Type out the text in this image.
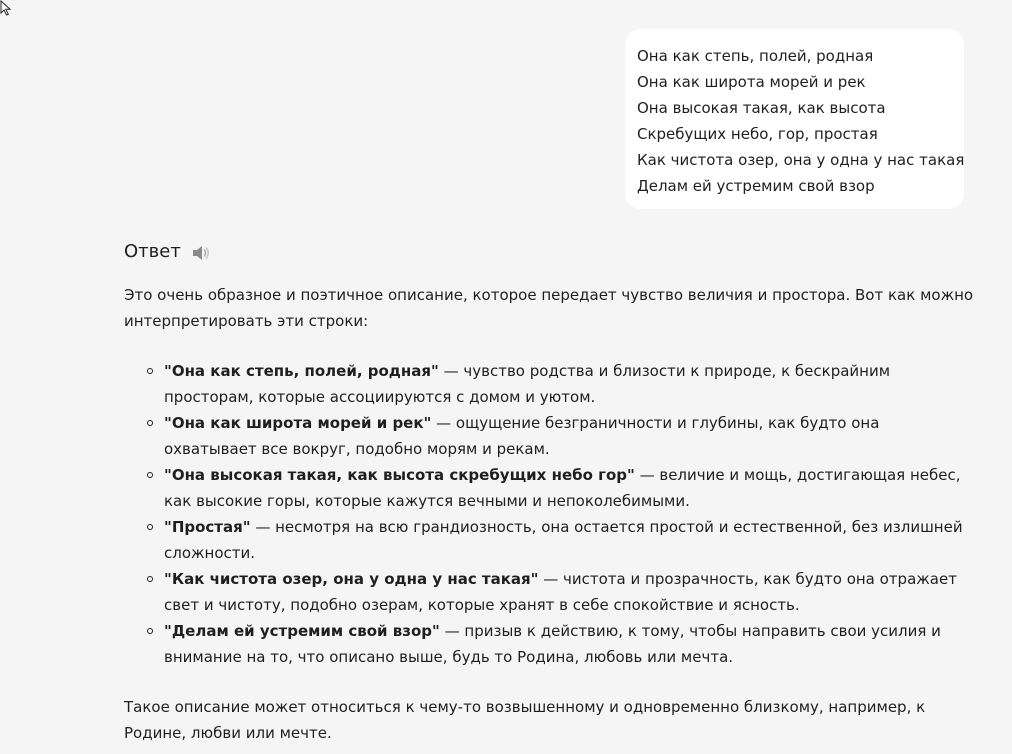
Она как степь, полей, родная
Она как широта морей и рек
Она высокая такая, как высота
Скребущих небо, гор, простая
Как чистота озер, она у одна у нас такая
Делам ей устремим свой взор
Ответ

Это очень образное и поэтичное описание, которое передает чувство величия и простора. Вот как можно интерпретировать эти строки:

"Она как степь, полей, родная" — чувство родства и близости к природе, к бескрайним просторам, которые ассоциируются с домом и уютом.
"Она как широта морей и рек" — ощущение безграничности и глубины, как будто она охватывает все вокруг, подобно морям и рекам.
"Она высокая такая, как высота скребущих небо гор" — величие и мощь, достигающая небес, как высокие горы, которые кажутся вечными и непоколебимыми.
"Простая" — несмотря на всю грандиозность, она остается простой и естественной, без излишней сложности.
"Как чистота озер, она у одна у нас такая" — чистота и прозрачность, как будто она отражает свет и чистоту, подобно озерам, которые хранят в себе спокойствие и ясность.
"Делам ей устремим свой взор" — призыв к действию, к тому, чтобы направить свои усилия и внимание на то, что описано выше, будь то Родина, любовь или мечта.

Такое описание может относиться к чему-то возвышенному и одновременно близкому, например, к Родине, любви или мечте.
